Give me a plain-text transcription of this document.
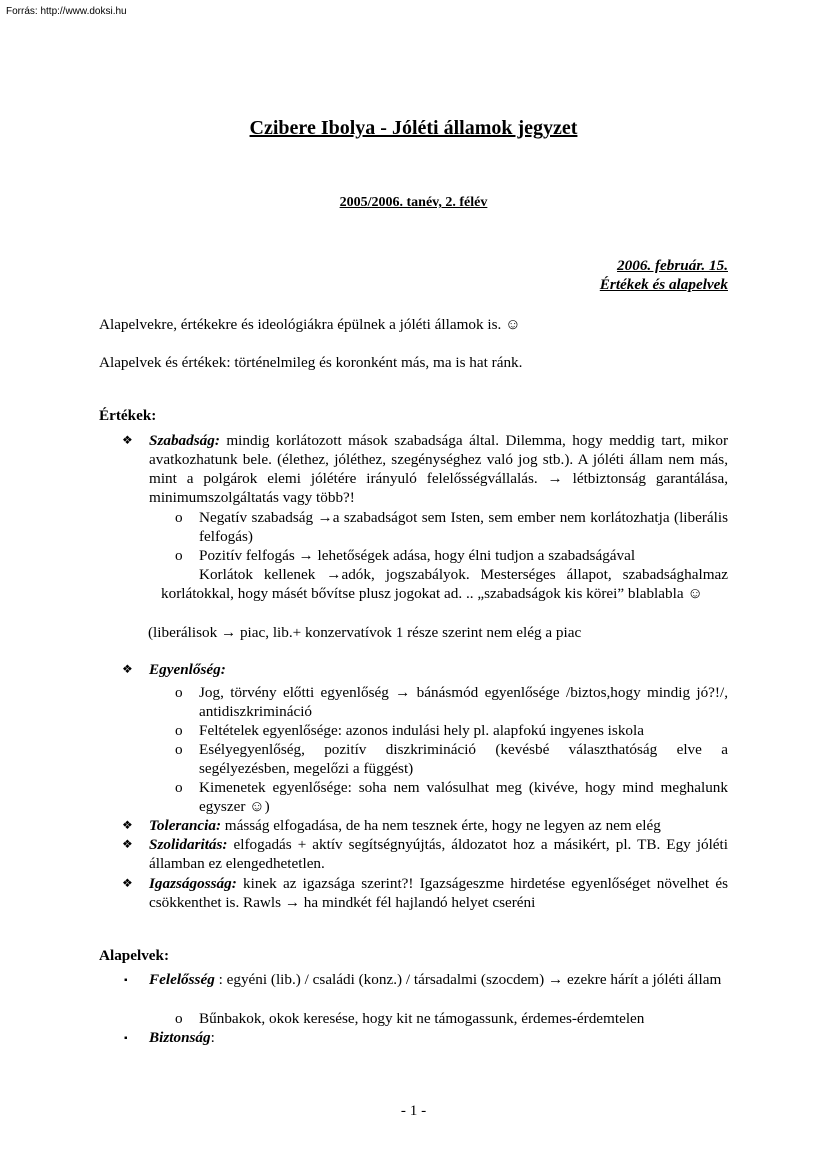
Forrás: http://www.doksi.hu
Czibere Ibolya - Jóléti államok jegyzet
2005/2006. tanév, 2. félév
2006. február. 15.
Értékek és alapelvek
Alapelvekre, értékekre és ideológiákra épülnek a jóléti államok is. ☺
Alapelvek és értékek: történelmileg és koronként más, ma is hat ránk.
Értékek:
❖ Szabadság: mindig korlátozott mások szabadsága által. Dilemma, hogy meddig tart, mikor avatkozhatunk bele. (élethez, jóléthez, szegénységhez való jog stb.). A jóléti állam nem más, mint a polgárok elemi jólétére irányuló felelősségvállalás. → létbiztonság garantálása, minimumszolgáltatás vagy több?!
o Negatív szabadság →a szabadságot sem Isten, sem ember nem korlátozhatja (liberális felfogás)
o Pozitív felfogás → lehetőségek adása, hogy élni tudjon a szabadságával
Korlátok kellenek →adók, jogszabályok. Mesterséges állapot, szabadsághalmaz korlátokkal, hogy másét bővítse plusz jogokat ad. .. „szabadságok kis körei” blablabla ☺
(liberálisok → piac, lib.+ konzervatívok 1 része szerint nem elég a piac
❖ Egyenlőség:
o Jog, törvény előtti egyenlőség → bánásmód egyenlősége /biztos,hogy mindig jó?!/, antidiszkrimináció
o Feltételek egyenlősége: azonos indulási hely pl. alapfokú ingyenes iskola
o Esélyegyenlőség, pozitív diszkrimináció (kevésbé választhatóság elve a segélyezésben, megelőzi a függést)
o Kimenetek egyenlősége: soha nem valósulhat meg (kivéve, hogy mind meghalunk egyszer ☺)
❖ Tolerancia: másság elfogadása, de ha nem tesznek érte, hogy ne legyen az nem elég
❖ Szolidaritás: elfogadás + aktív segítségnyújtás, áldozatot hoz a másikért, pl. TB. Egy jóléti államban ez elengedhetetlen.
❖ Igazságosság: kinek az igazsága szerint?! Igazságeszme hirdetése egyenlőséget növelhet és csökkenthet is. Rawls → ha mindkét fél hajlandó helyet cseréni
Alapelvek:
▪ Felelősség : egyéni (lib.) / családi (konz.) / társadalmi (szocdem) → ezekre hárít a jóléti állam
o Bűnbakok, okok keresése, hogy kit ne támogassunk, érdemes-érdemtelen
▪ Biztonság:
- 1 -
